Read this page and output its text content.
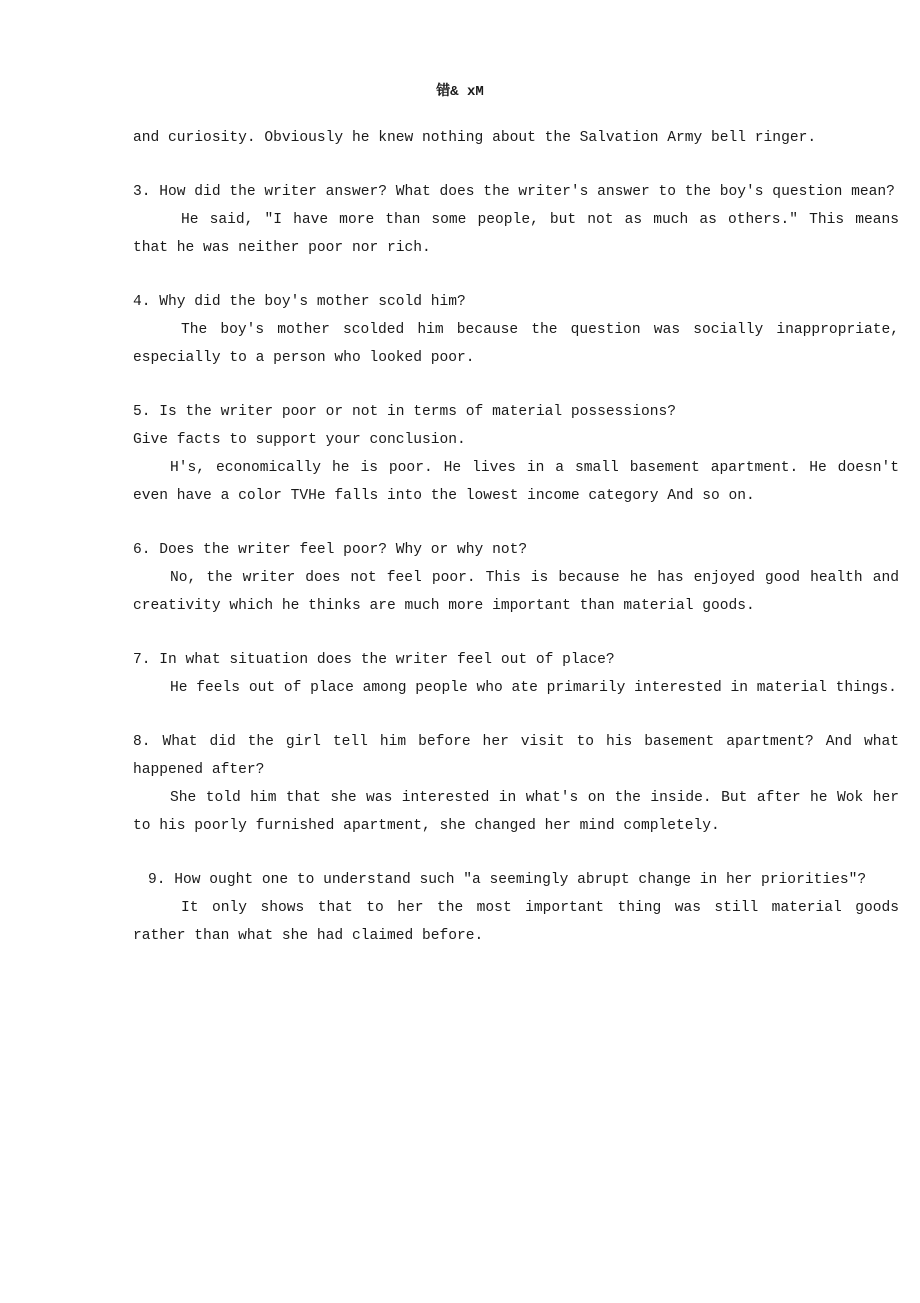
错& xM

and curiosity. Obviously he knew nothing about the Salvation Army bell ringer.

3. How did the writer answer? What does the writer's answer to the boy's question mean?

He said, "I have more than some people, but not as much as others." This means that he was neither poor nor rich.

4. Why did the boy's mother scold him?

The boy's mother scolded him because the question was socially inappropriate, especially to a person who looked poor.

5. Is the writer poor or not in terms of material possessions?

Give facts to support your conclusion.

H's, economically he is poor. He lives in a small basement apartment. He doesn't even have a color TVHe falls into the lowest income category And so on.

6. Does the writer feel poor? Why or why not?

No, the writer does not feel poor. This is because he has enjoyed good health and creativity which he thinks are much more important than material goods.

7. In what situation does the writer feel out of place?

He feels out of place among people who ate primarily interested in material things.

8. What did the girl tell him before her visit to his basement apartment? And what happened after?

She told him that she was interested in what's on the inside. But after he Wok her to his poorly furnished apartment, she changed her mind completely.

9. How ought one to understand such "a seemingly abrupt change in her priorities"?

It only shows that to her the most important thing was still material goods rather than what she had claimed before.
